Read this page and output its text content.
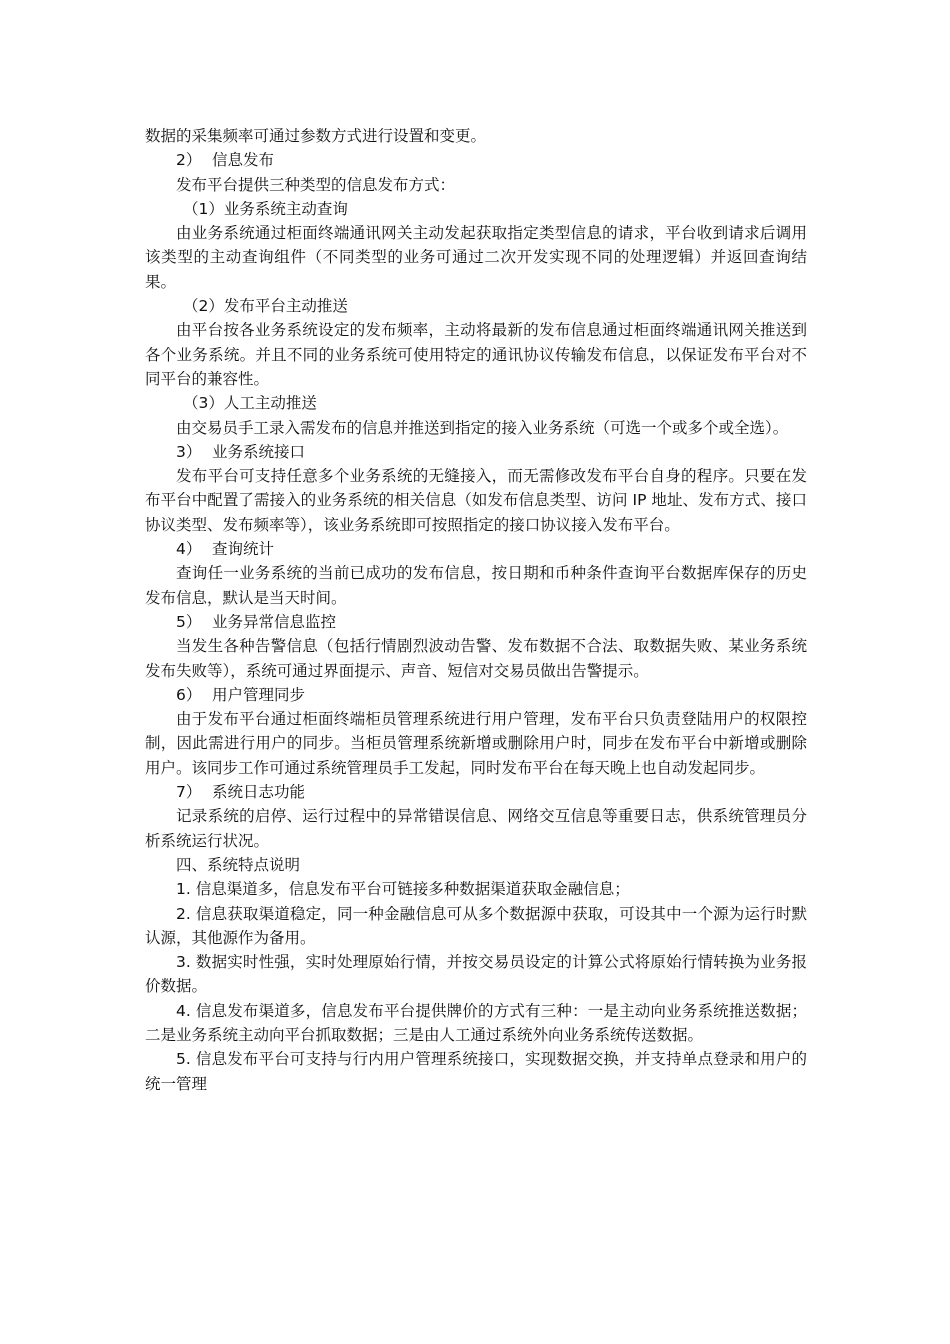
数据的采集频率可通过参数方式进行设置和变更。

2） 信息发布

发布平台提供三种类型的信息发布方式：

（1）业务系统主动查询

由业务系统通过柜面终端通讯网关主动发起获取指定类型信息的请求，平台收到请求后调用该类型的主动查询组件（不同类型的业务可通过二次开发实现不同的处理逻辑）并返回查询结果。

（2）发布平台主动推送

由平台按各业务系统设定的发布频率，主动将最新的发布信息通过柜面终端通讯网关推送到各个业务系统。并且不同的业务系统可使用特定的通讯协议传输发布信息，以保证发布平台对不同平台的兼容性。

（3）人工主动推送

由交易员手工录入需发布的信息并推送到指定的接入业务系统（可选一个或多个或全选）。

3） 业务系统接口

发布平台可支持任意多个业务系统的无缝接入，而无需修改发布平台自身的程序。只要在发布平台中配置了需接入的业务系统的相关信息（如发布信息类型、访问 IP 地址、发布方式、接口协议类型、发布频率等），该业务系统即可按照指定的接口协议接入发布平台。

4） 查询统计

查询任一业务系统的当前已成功的发布信息，按日期和币种条件查询平台数据库保存的历史发布信息，默认是当天时间。

5） 业务异常信息监控

当发生各种告警信息（包括行情剧烈波动告警、发布数据不合法、取数据失败、某业务系统发布失败等），系统可通过界面提示、声音、短信对交易员做出告警提示。

6） 用户管理同步

由于发布平台通过柜面终端柜员管理系统进行用户管理，发布平台只负责登陆用户的权限控制，因此需进行用户的同步。当柜员管理系统新增或删除用户时，同步在发布平台中新增或删除用户。该同步工作可通过系统管理员手工发起，同时发布平台在每天晚上也自动发起同步。

7） 系统日志功能

记录系统的启停、运行过程中的异常错误信息、网络交互信息等重要日志，供系统管理员分析系统运行状况。

四、系统特点说明

1. 信息渠道多，信息发布平台可链接多种数据渠道获取金融信息；

2. 信息获取渠道稳定，同一种金融信息可从多个数据源中获取，可设其中一个源为运行时默认源，其他源作为备用。

3. 数据实时性强，实时处理原始行情，并按交易员设定的计算公式将原始行情转换为业务报价数据。

4. 信息发布渠道多，信息发布平台提供牌价的方式有三种：一是主动向业务系统推送数据；二是业务系统主动向平台抓取数据；三是由人工通过系统外向业务系统传送数据。

5. 信息发布平台可支持与行内用户管理系统接口，实现数据交换，并支持单点登录和用户的统一管理
